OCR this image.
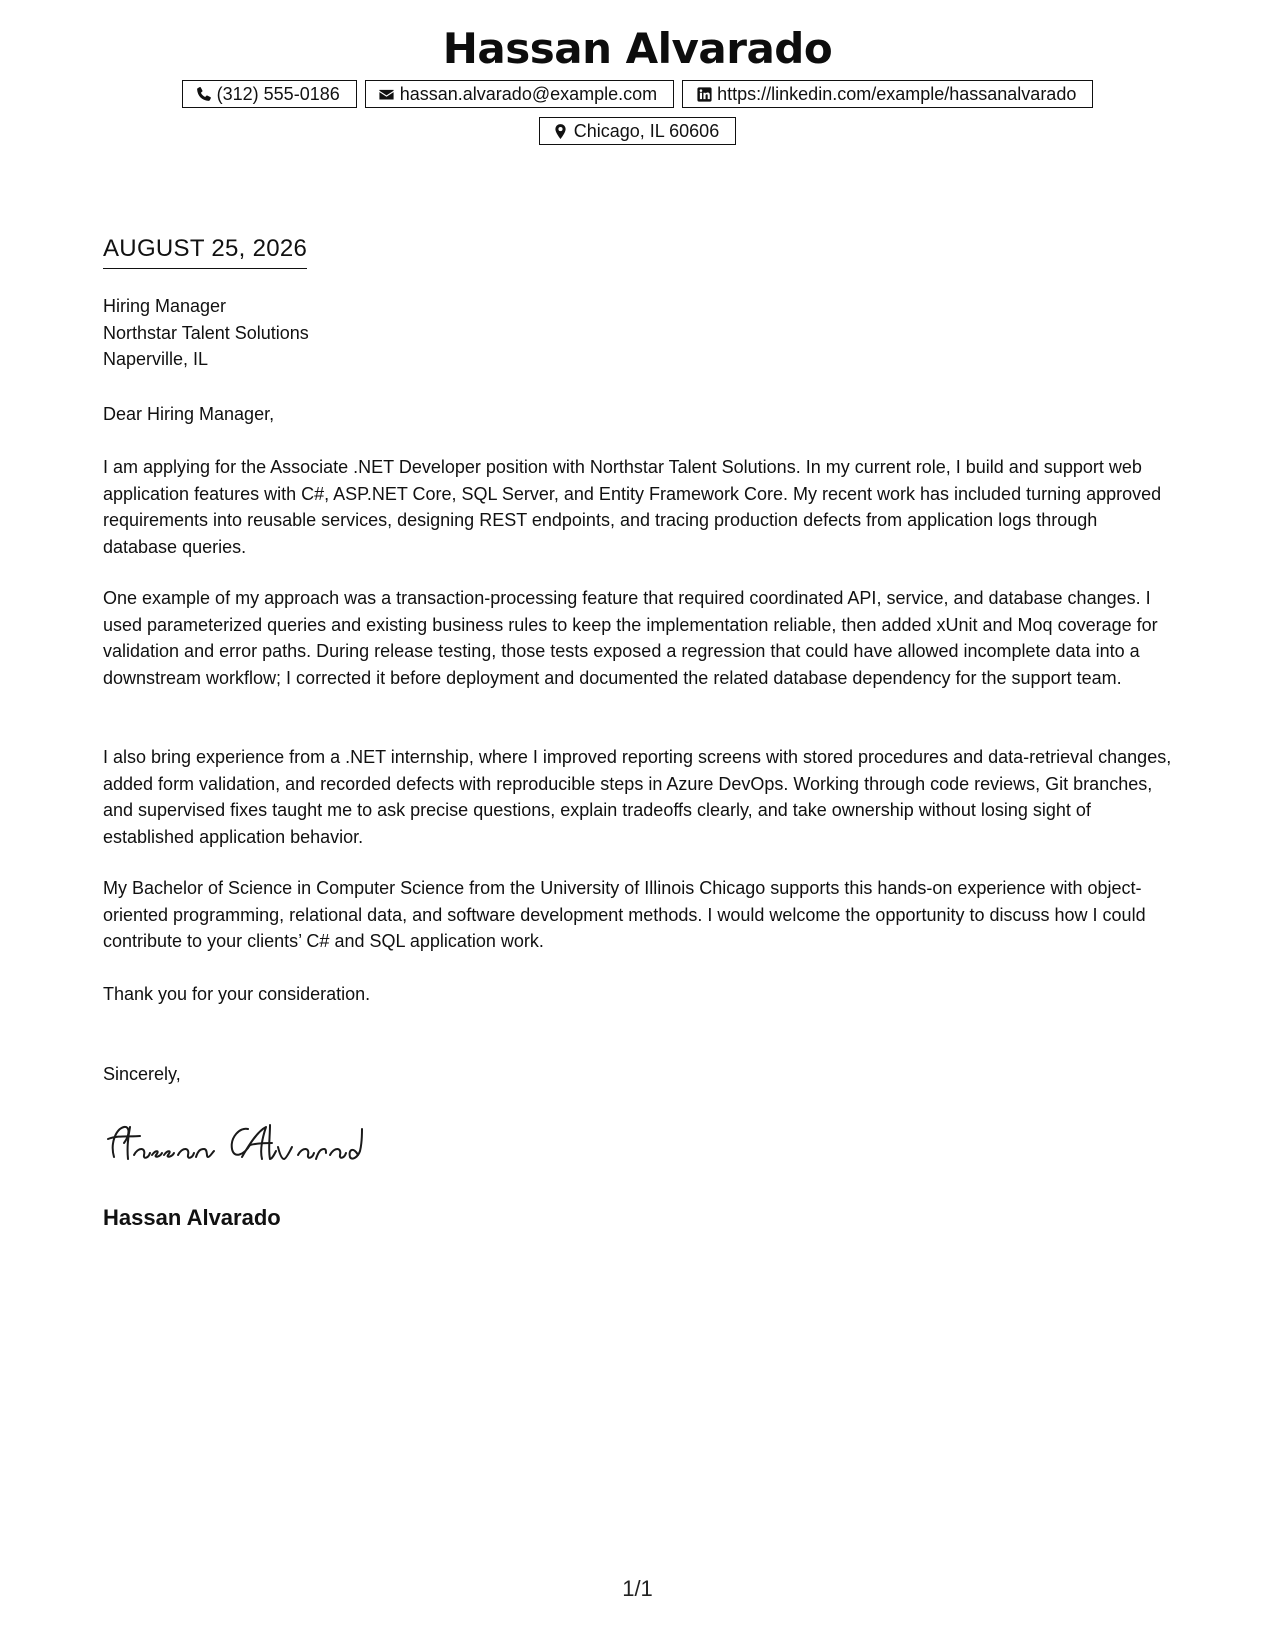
Hassan Alvarado
(312) 555-0186	hassan.alvarado@example.com	https://linkedin.com/example/hassanalvarado
Chicago, IL 60606
AUGUST 25, 2026
Hiring Manager
Northstar Talent Solutions
Naperville, IL
Dear Hiring Manager,
I am applying for the Associate .NET Developer position with Northstar Talent Solutions. In my current role, I build and support web application features with C#, ASP.NET Core, SQL Server, and Entity Framework Core. My recent work has included turning approved requirements into reusable services, designing REST endpoints, and tracing production defects from application logs through database queries.
One example of my approach was a transaction-processing feature that required coordinated API, service, and database changes. I used parameterized queries and existing business rules to keep the implementation reliable, then added xUnit and Moq coverage for validation and error paths. During release testing, those tests exposed a regression that could have allowed incomplete data into a downstream workflow; I corrected it before deployment and documented the related database dependency for the support team.
I also bring experience from a .NET internship, where I improved reporting screens with stored procedures and data-retrieval changes, added form validation, and recorded defects with reproducible steps in Azure DevOps. Working through code reviews, Git branches, and supervised fixes taught me to ask precise questions, explain tradeoffs clearly, and take ownership without losing sight of established application behavior.
My Bachelor of Science in Computer Science from the University of Illinois Chicago supports this hands-on experience with object-oriented programming, relational data, and software development methods. I would welcome the opportunity to discuss how I could contribute to your clients’ C# and SQL application work.
Thank you for your consideration.
Sincerely,
Hassan Alvarado
1/1
